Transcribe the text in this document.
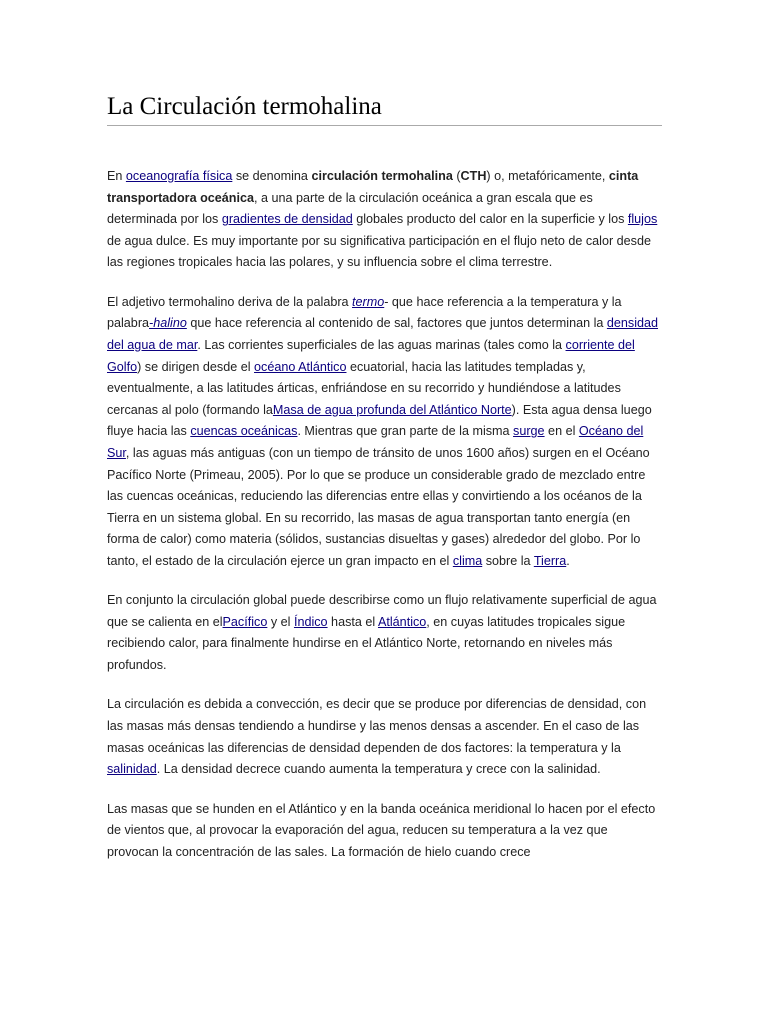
La Circulación termohalina

En oceanografía física se denomina circulación termohalina (CTH) o, metafóricamente, cinta transportadora oceánica, a una parte de la circulación oceánica a gran escala que es determinada por los gradientes de densidad globales producto del calor en la superficie y los flujos de agua dulce. Es muy importante por su significativa participación en el flujo neto de calor desde las regiones tropicales hacia las polares, y su influencia sobre el clima terrestre.

El adjetivo termohalino deriva de la palabra termo- que hace referencia a la temperatura y la palabra-halino que hace referencia al contenido de sal, factores que juntos determinan la densidad del agua de mar. Las corrientes superficiales de las aguas marinas (tales como la corriente del Golfo) se dirigen desde el océano Atlántico ecuatorial, hacia las latitudes templadas y, eventualmente, a las latitudes árticas, enfriándose en su recorrido y hundiéndose a latitudes cercanas al polo (formando laMasa de agua profunda del Atlántico Norte). Esta agua densa luego fluye hacia las cuencas oceánicas. Mientras que gran parte de la misma surge en el Océano del Sur, las aguas más antiguas (con un tiempo de tránsito de unos 1600 años) surgen en el Océano Pacífico Norte (Primeau, 2005). Por lo que se produce un considerable grado de mezclado entre las cuencas oceánicas, reduciendo las diferencias entre ellas y convirtiendo a los océanos de la Tierra en un sistema global. En su recorrido, las masas de agua transportan tanto energía (en forma de calor) como materia (sólidos, sustancias disueltas y gases) alrededor del globo. Por lo tanto, el estado de la circulación ejerce un gran impacto en el clima sobre la Tierra.

En conjunto la circulación global puede describirse como un flujo relativamente superficial de agua que se calienta en elPacífico y el Índico hasta el Atlántico, en cuyas latitudes tropicales sigue recibiendo calor, para finalmente hundirse en el Atlántico Norte, retornando en niveles más profundos.

La circulación es debida a convección, es decir que se produce por diferencias de densidad, con las masas más densas tendiendo a hundirse y las menos densas a ascender. En el caso de las masas oceánicas las diferencias de densidad dependen de dos factores: la temperatura y la salinidad. La densidad decrece cuando aumenta la temperatura y crece con la salinidad.

Las masas que se hunden en el Atlántico y en la banda oceánica meridional lo hacen por el efecto de vientos que, al provocar la evaporación del agua, reducen su temperatura a la vez que provocan la concentración de las sales. La formación de hielo cuando crece
